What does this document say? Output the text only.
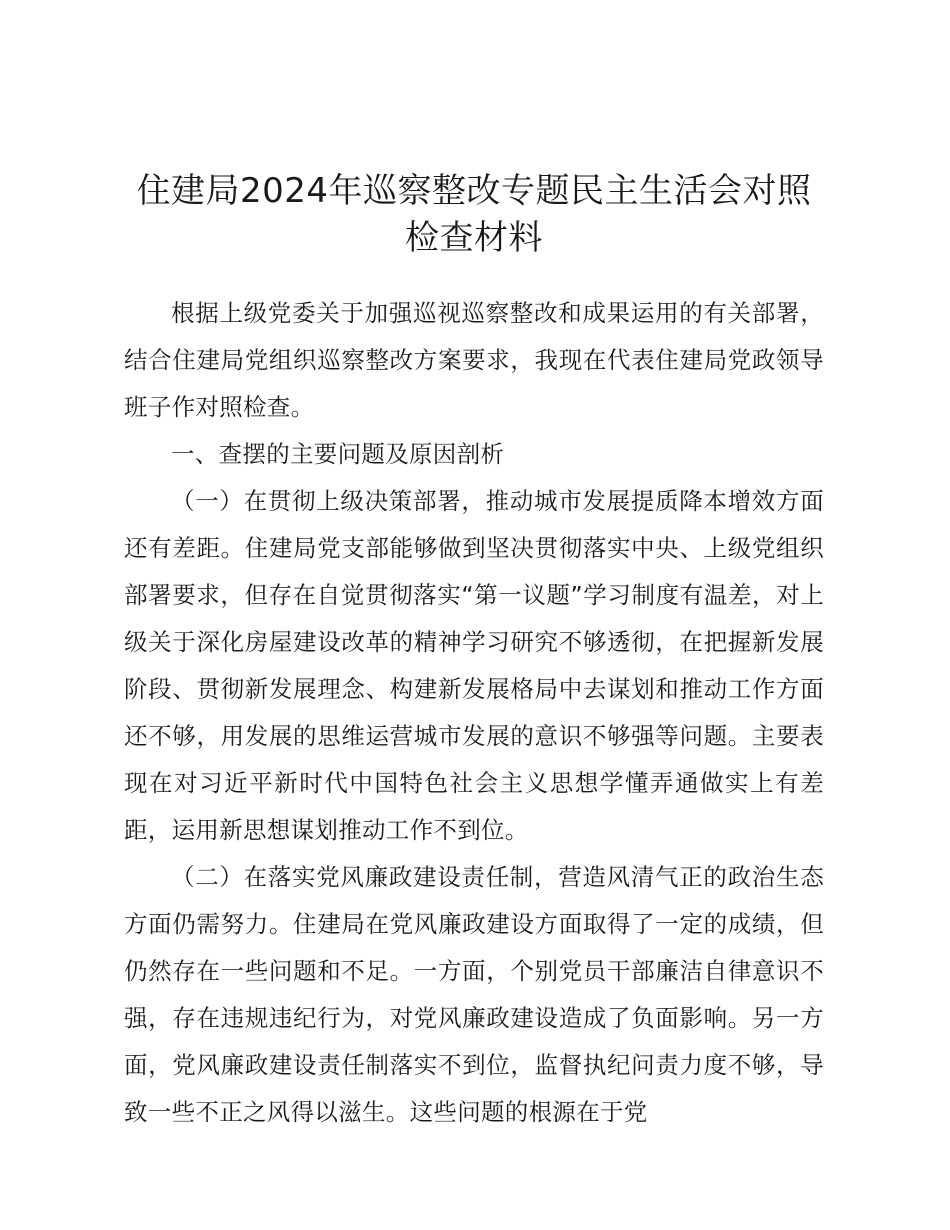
住建局2024年巡察整改专题民主生活会对照检查材料

根据上级党委关于加强巡视巡察整改和成果运用的有关部署，结合住建局党组织巡察整改方案要求，我现在代表住建局党政领导班子作对照检查。

一、查摆的主要问题及原因剖析

（一）在贯彻上级决策部署，推动城市发展提质降本增效方面还有差距。住建局党支部能够做到坚决贯彻落实中央、上级党组织部署要求，但存在自觉贯彻落实“第一议题”学习制度有温差，对上级关于深化房屋建设改革的精神学习研究不够透彻，在把握新发展阶段、贯彻新发展理念、构建新发展格局中去谋划和推动工作方面还不够，用发展的思维运营城市发展的意识不够强等问题。主要表现在对习近平新时代中国特色社会主义思想学懂弄通做实上有差距，运用新思想谋划推动工作不到位。

（二）在落实党风廉政建设责任制，营造风清气正的政治生态方面仍需努力。住建局在党风廉政建设方面取得了一定的成绩，但仍然存在一些问题和不足。一方面，个别党员干部廉洁自律意识不强，存在违规违纪行为，对党风廉政建设造成了负面影响。另一方面，党风廉政建设责任制落实不到位，监督执纪问责力度不够，导致一些不正之风得以滋生。这些问题的根源在于党
